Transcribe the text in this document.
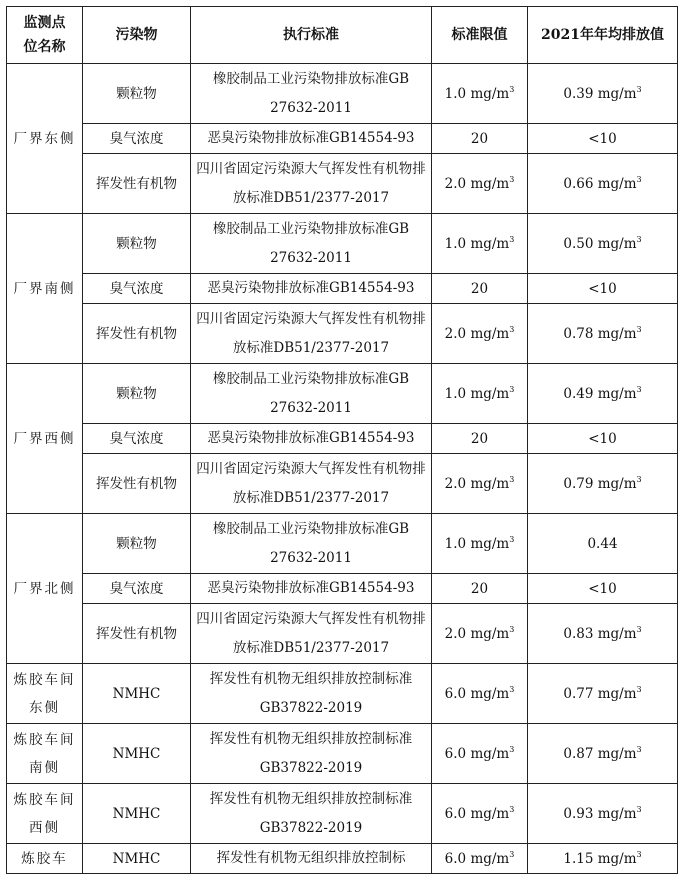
监测点位名称	污染物	执行标准	标准限值	2021年年均排放值
厂界东侧	颗粒物	橡胶制品工业污染物排放标准GB 27632-2011	1.0 $mg/m^3$	0.39 $mg/m^3$
	臭气浓度	恶臭污染物排放标准GB14554-93	20	<10
	挥发性有机物	四川省固定污染源大气挥发性有机物排放标准DB51/2377-2017	2.0 $mg/m^3$	0.66 $mg/m^3$
厂界南侧	颗粒物	橡胶制品工业污染物排放标准GB 27632-2011	1.0 $mg/m^3$	0.50 $mg/m^3$
	臭气浓度	恶臭污染物排放标准GB14554-93	20	<10
	挥发性有机物	四川省固定污染源大气挥发性有机物排放标准DB51/2377-2017	2.0 $mg/m^3$	0.78 $mg/m^3$
厂界西侧	颗粒物	橡胶制品工业污染物排放标准GB 27632-2011	1.0 $mg/m^3$	0.49 $mg/m^3$
	臭气浓度	恶臭污染物排放标准GB14554-93	20	<10
	挥发性有机物	四川省固定污染源大气挥发性有机物排放标准DB51/2377-2017	2.0 $mg/m^3$	0.79 $mg/m^3$
厂界北侧	颗粒物	橡胶制品工业污染物排放标准GB 27632-2011	1.0 $mg/m^3$	0.44
	臭气浓度	恶臭污染物排放标准GB14554-93	20	<10
	挥发性有机物	四川省固定污染源大气挥发性有机物排放标准DB51/2377-2017	2.0 $mg/m^3$	0.83 $mg/m^3$
炼胶车间东侧	NMHC	挥发性有机物无组织排放控制标准GB37822-2019	6.0 $mg/m^3$	0.77 $mg/m^3$
炼胶车间南侧	NMHC	挥发性有机物无组织排放控制标准GB37822-2019	6.0 $mg/m^3$	0.87 $mg/m^3$
炼胶车间西侧	NMHC	挥发性有机物无组织排放控制标准GB37822-2019	6.0 $mg/m^3$	0.93 $mg/m^3$
炼胶车	NMHC	挥发性有机物无组织排放控制标	6.0 $mg/m^3$	1.15 $mg/m^3$
